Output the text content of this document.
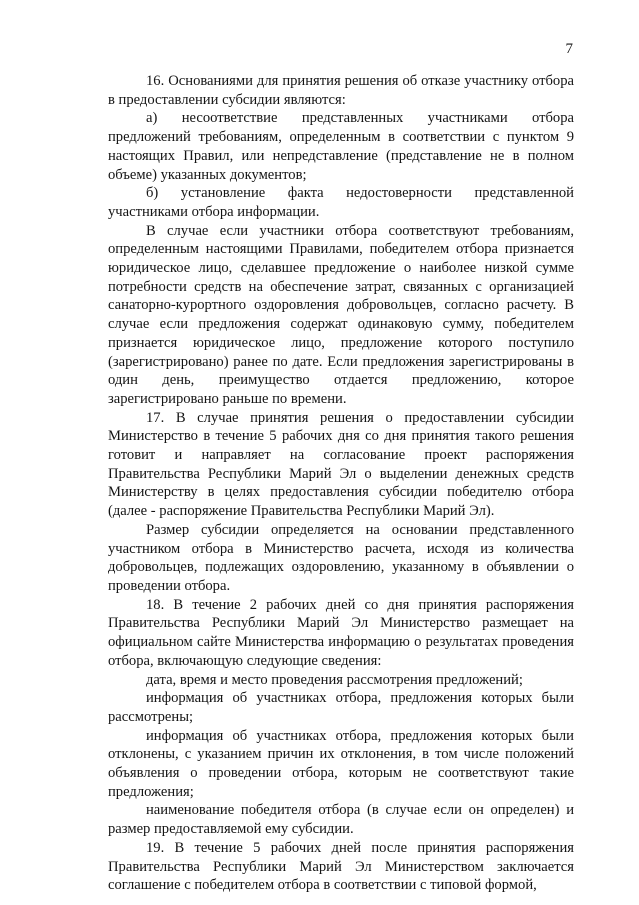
7

16. Основаниями для принятия решения об отказе участнику отбора в предоставлении субсидии являются:

а) несоответствие представленных участниками отбора предложений требованиям, определенным в соответствии с пунктом 9 настоящих Правил, или непредставление (представление не в полном объеме) указанных документов;

б) установление факта недостоверности представленной участниками отбора информации.

В случае если участники отбора соответствуют требованиям, определенным настоящими Правилами, победителем отбора признается юридическое лицо, сделавшее предложение о наиболее низкой сумме потребности средств на обеспечение затрат, связанных с организацией санаторно-курортного оздоровления добровольцев, согласно расчету. В случае если предложения содержат одинаковую сумму, победителем признается юридическое лицо, предложение которого поступило (зарегистрировано) ранее по дате. Если предложения зарегистрированы в один день, преимущество отдается предложению, которое зарегистрировано раньше по времени.

17. В случае принятия решения о предоставлении субсидии Министерство в течение 5 рабочих дня со дня принятия такого решения готовит и направляет на согласование проект распоряжения Правительства Республики Марий Эл о выделении денежных средств Министерству в целях предоставления субсидии победителю отбора (далее - распоряжение Правительства Республики Марий Эл).

Размер субсидии определяется на основании представленного участником отбора в Министерство расчета, исходя из количества добровольцев, подлежащих оздоровлению, указанному в объявлении о проведении отбора.

18. В течение 2 рабочих дней со дня принятия распоряжения Правительства Республики Марий Эл Министерство размещает на официальном сайте Министерства информацию о результатах проведения отбора, включающую следующие сведения:

дата, время и место проведения рассмотрения предложений;

информация об участниках отбора, предложения которых были рассмотрены;

информация об участниках отбора, предложения которых были отклонены, с указанием причин их отклонения, в том числе положений объявления о проведении отбора, которым не соответствуют такие предложения;

наименование победителя отбора (в случае если он определен) и размер предоставляемой ему субсидии.

19. В течение 5 рабочих дней после принятия распоряжения Правительства Республики Марий Эл Министерством заключается соглашение с победителем отбора в соответствии с типовой формой,
